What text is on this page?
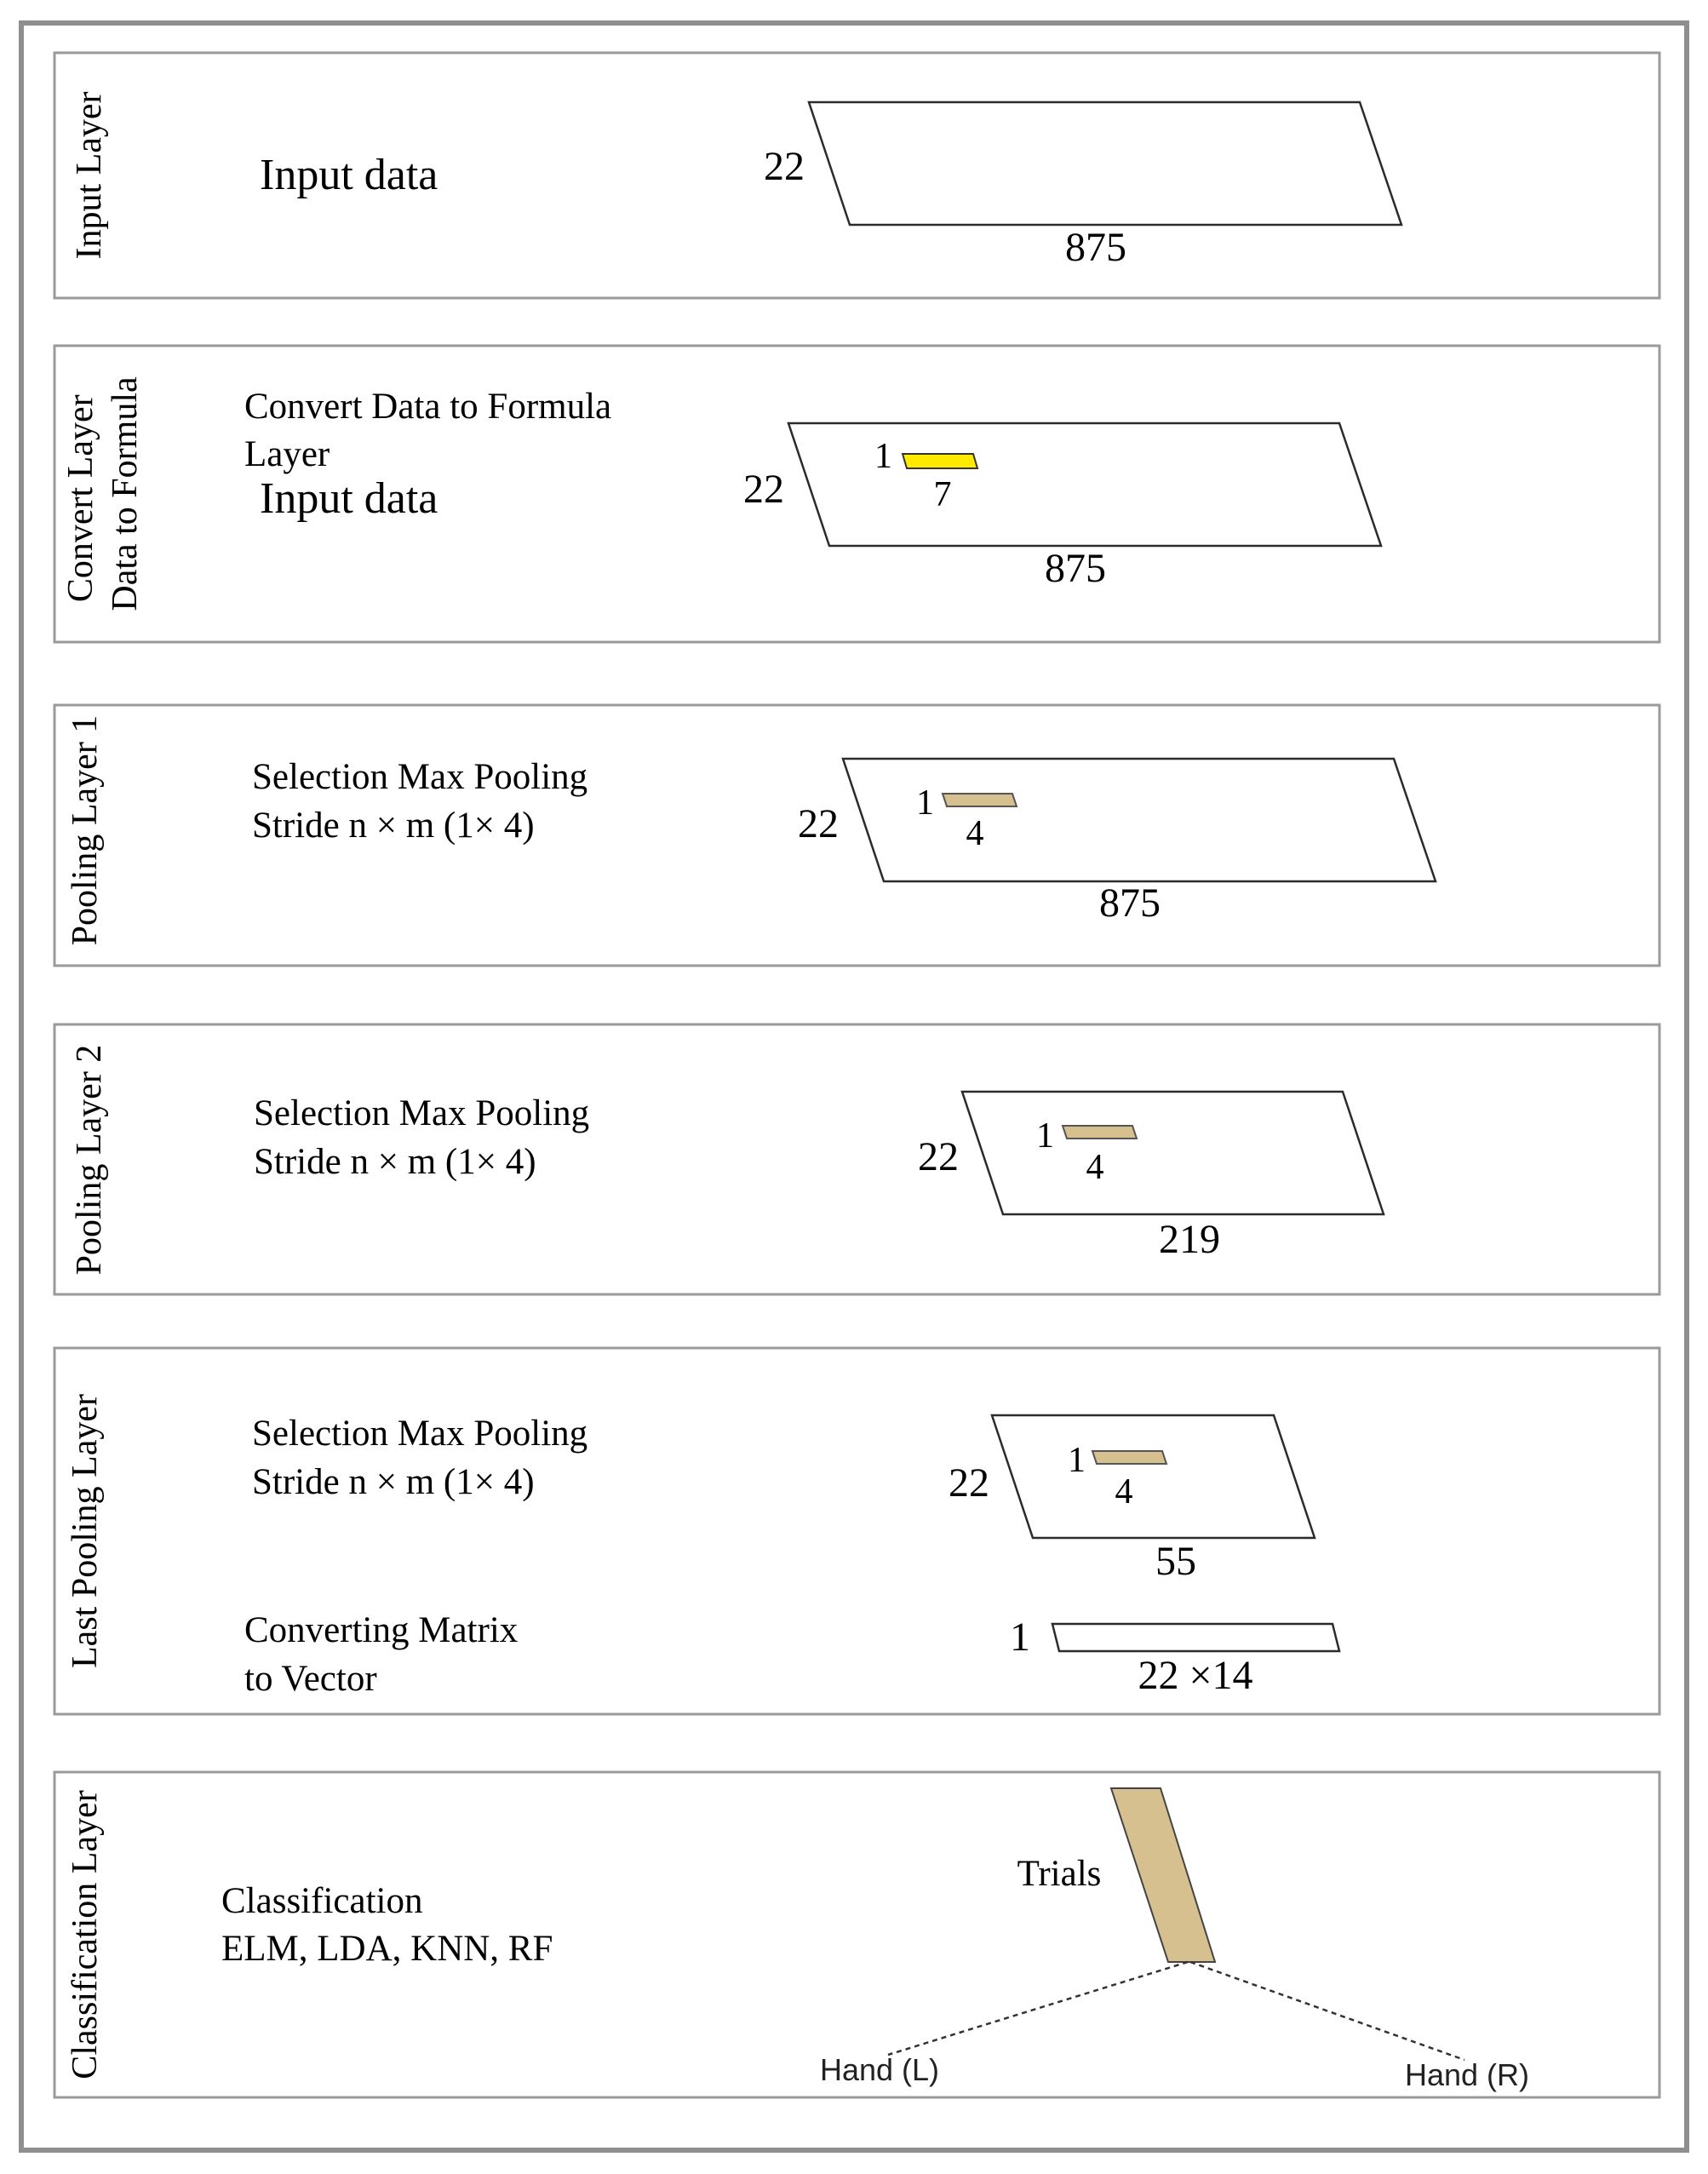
Input Layer	Input data	22
875
Convert Layer Data to Formula	Convert Data to Formula
Layer
Input data	22
875
1
7
Pooling Layer 1	Selection Max Pooling
Stride n × m (1× 4)	22
875
1
4
Pooling Layer 2	Selection Max Pooling
Stride n × m (1× 4)	22
219
1
4
Last Pooling Layer	Selection Max Pooling
Stride n × m (1× 4)	22
55
1
4
Converting Matrix
to Vector
1
22 ×14
Classification Layer	Classification
ELM, LDA, KNN, RF
Trials
Hand (L)	Hand (R)
